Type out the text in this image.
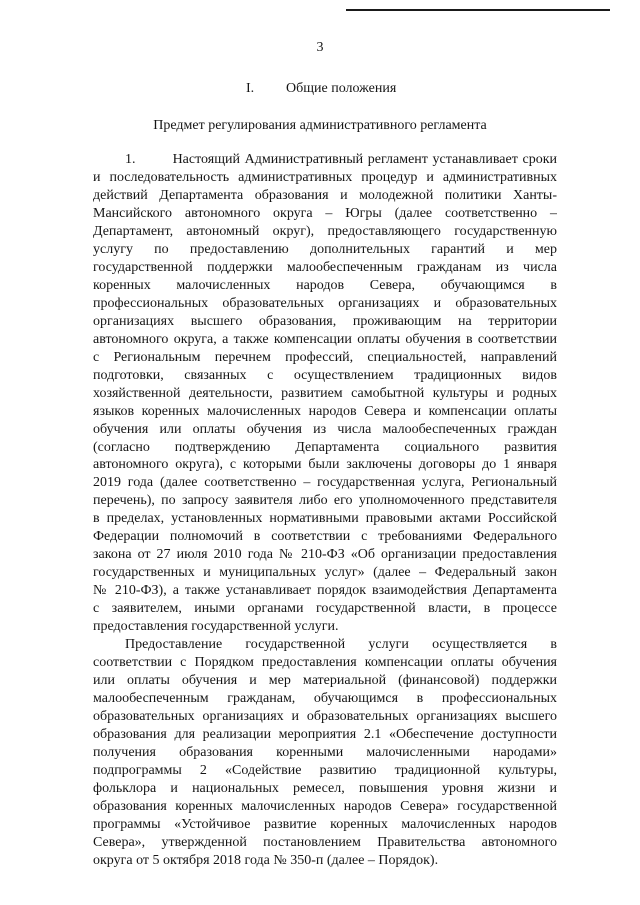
3
I. Общие положения
Предмет регулирования административного регламента
1.        Настоящий Административный регламент устанавливает сроки
и последовательность административных процедур и административных
действий Департамента образования и молодежной политики Ханты-
Мансийского автономного округа – Югры (далее соответственно –
Департамент, автономный округ), предоставляющего государственную
услугу по предоставлению дополнительных гарантий и мер
государственной поддержки малообеспеченным гражданам из числа
коренных малочисленных народов Севера, обучающимся в
профессиональных образовательных организациях и образовательных
организациях высшего образования, проживающим на территории
автономного округа, а также компенсации оплаты обучения в соответствии
с Региональным перечнем профессий, специальностей, направлений
подготовки, связанных с осуществлением традиционных видов
хозяйственной деятельности, развитием самобытной культуры и родных
языков коренных малочисленных народов Севера и компенсации оплаты
обучения или оплаты обучения из числа малообеспеченных граждан
(согласно подтверждению Департамента социального развития
автономного округа), с которыми были заключены договоры до 1 января
2019 года (далее соответственно – государственная услуга, Региональный
перечень), по запросу заявителя либо его уполномоченного представителя
в пределах, установленных нормативными правовыми актами Российской
Федерации полномочий в соответствии с требованиями Федерального
закона от 27 июля 2010 года № 210-ФЗ «Об организации предоставления
государственных и муниципальных услуг» (далее – Федеральный закон
№ 210-ФЗ), а также устанавливает порядок взаимодействия Департамента
с заявителем, иными органами государственной власти, в процессе
предоставления государственной услуги.
Предоставление государственной услуги осуществляется в
соответствии с Порядком предоставления компенсации оплаты обучения
или оплаты обучения и мер материальной (финансовой) поддержки
малообеспеченным гражданам, обучающимся в профессиональных
образовательных организациях и образовательных организациях высшего
образования для реализации мероприятия 2.1 «Обеспечение доступности
получения образования коренными малочисленными народами»
подпрограммы 2 «Содействие развитию традиционной культуры,
фольклора и национальных ремесел, повышения уровня жизни и
образования коренных малочисленных народов Севера» государственной
программы «Устойчивое развитие коренных малочисленных народов
Севера», утвержденной постановлением Правительства автономного
округа от 5 октября 2018 года № 350-п (далее – Порядок).
